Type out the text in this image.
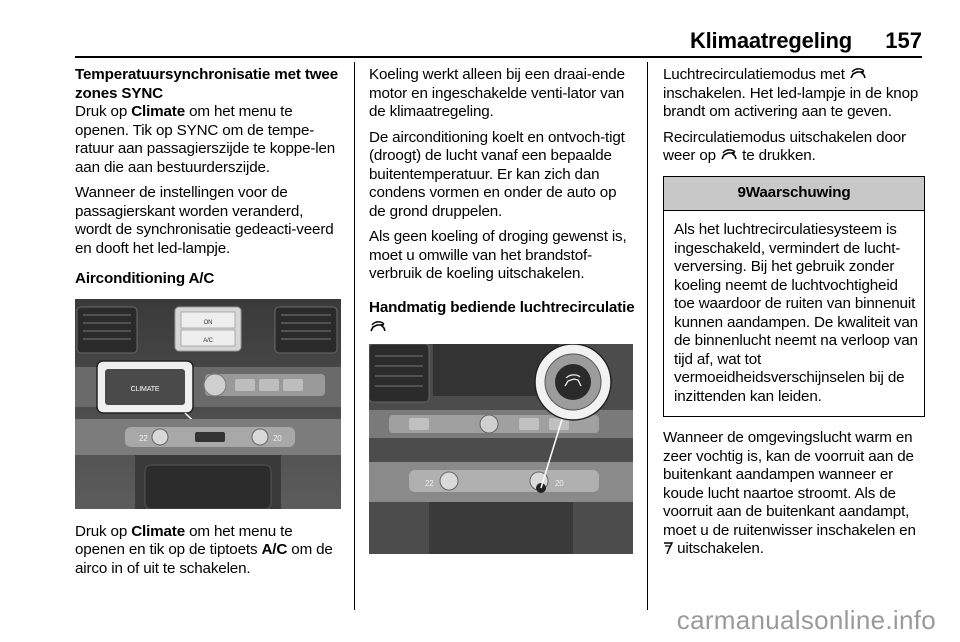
Klimaatregeling 157
Temperatuursynchronisatie met twee zones SYNC

Druk op Climate om het menu te openen. Tik op SYNC om de tempe-ratuur aan passagierszijde te koppe-len aan die aan bestuurderszijde.

Wanneer de instellingen voor de passagierskant worden veranderd, wordt de synchronisatie gedeacti-veerd en dooft het led-lampje.

Airconditioning A/C
ON
A/C
CLIMATE
22	20

Druk op Climate om het menu te openen en tik op de tiptoets A/C om de airco in of uit te schakelen.

Koeling werkt alleen bij een draai-ende motor en ingeschakelde venti-lator van de klimaatregeling.

De airconditioning koelt en ontvoch-tigt (droogt) de lucht vanaf een bepaalde buitentemperatuur. Er kan zich dan condens vormen en onder de auto op de grond druppelen.

Als geen koeling of droging gewenst is, moet u omwille van het brandstof-verbruik de koeling uitschakelen.

Handmatig bediende luchtrecirculatie
22	20

Luchtrecirculatiemodus met  inschakelen. Het led-lampje in de knop brandt om activering aan te geven.

Recirculatiemodus uitschakelen door weer op  te drukken.

9Waarschuwing
Als het luchtrecirculatiesysteem is ingeschakeld, vermindert de lucht-verversing. Bij het gebruik zonder koeling neemt de luchtvochtigheid toe waardoor de ruiten van binnenuit kunnen aandampen. De kwaliteit van de binnenlucht neemt na verloop van tijd af, wat tot vermoeidheidsverschijnselen bij de inzittenden kan leiden.

Wanneer de omgevingslucht warm en zeer vochtig is, kan de voorruit aan de buitenkant aandampen wanneer er koude lucht naartoe stroomt. Als de voorruit aan de buitenkant aandampt, moet u de ruitenwisser inschakelen en  uitschakelen.

carmanualsonline.info
